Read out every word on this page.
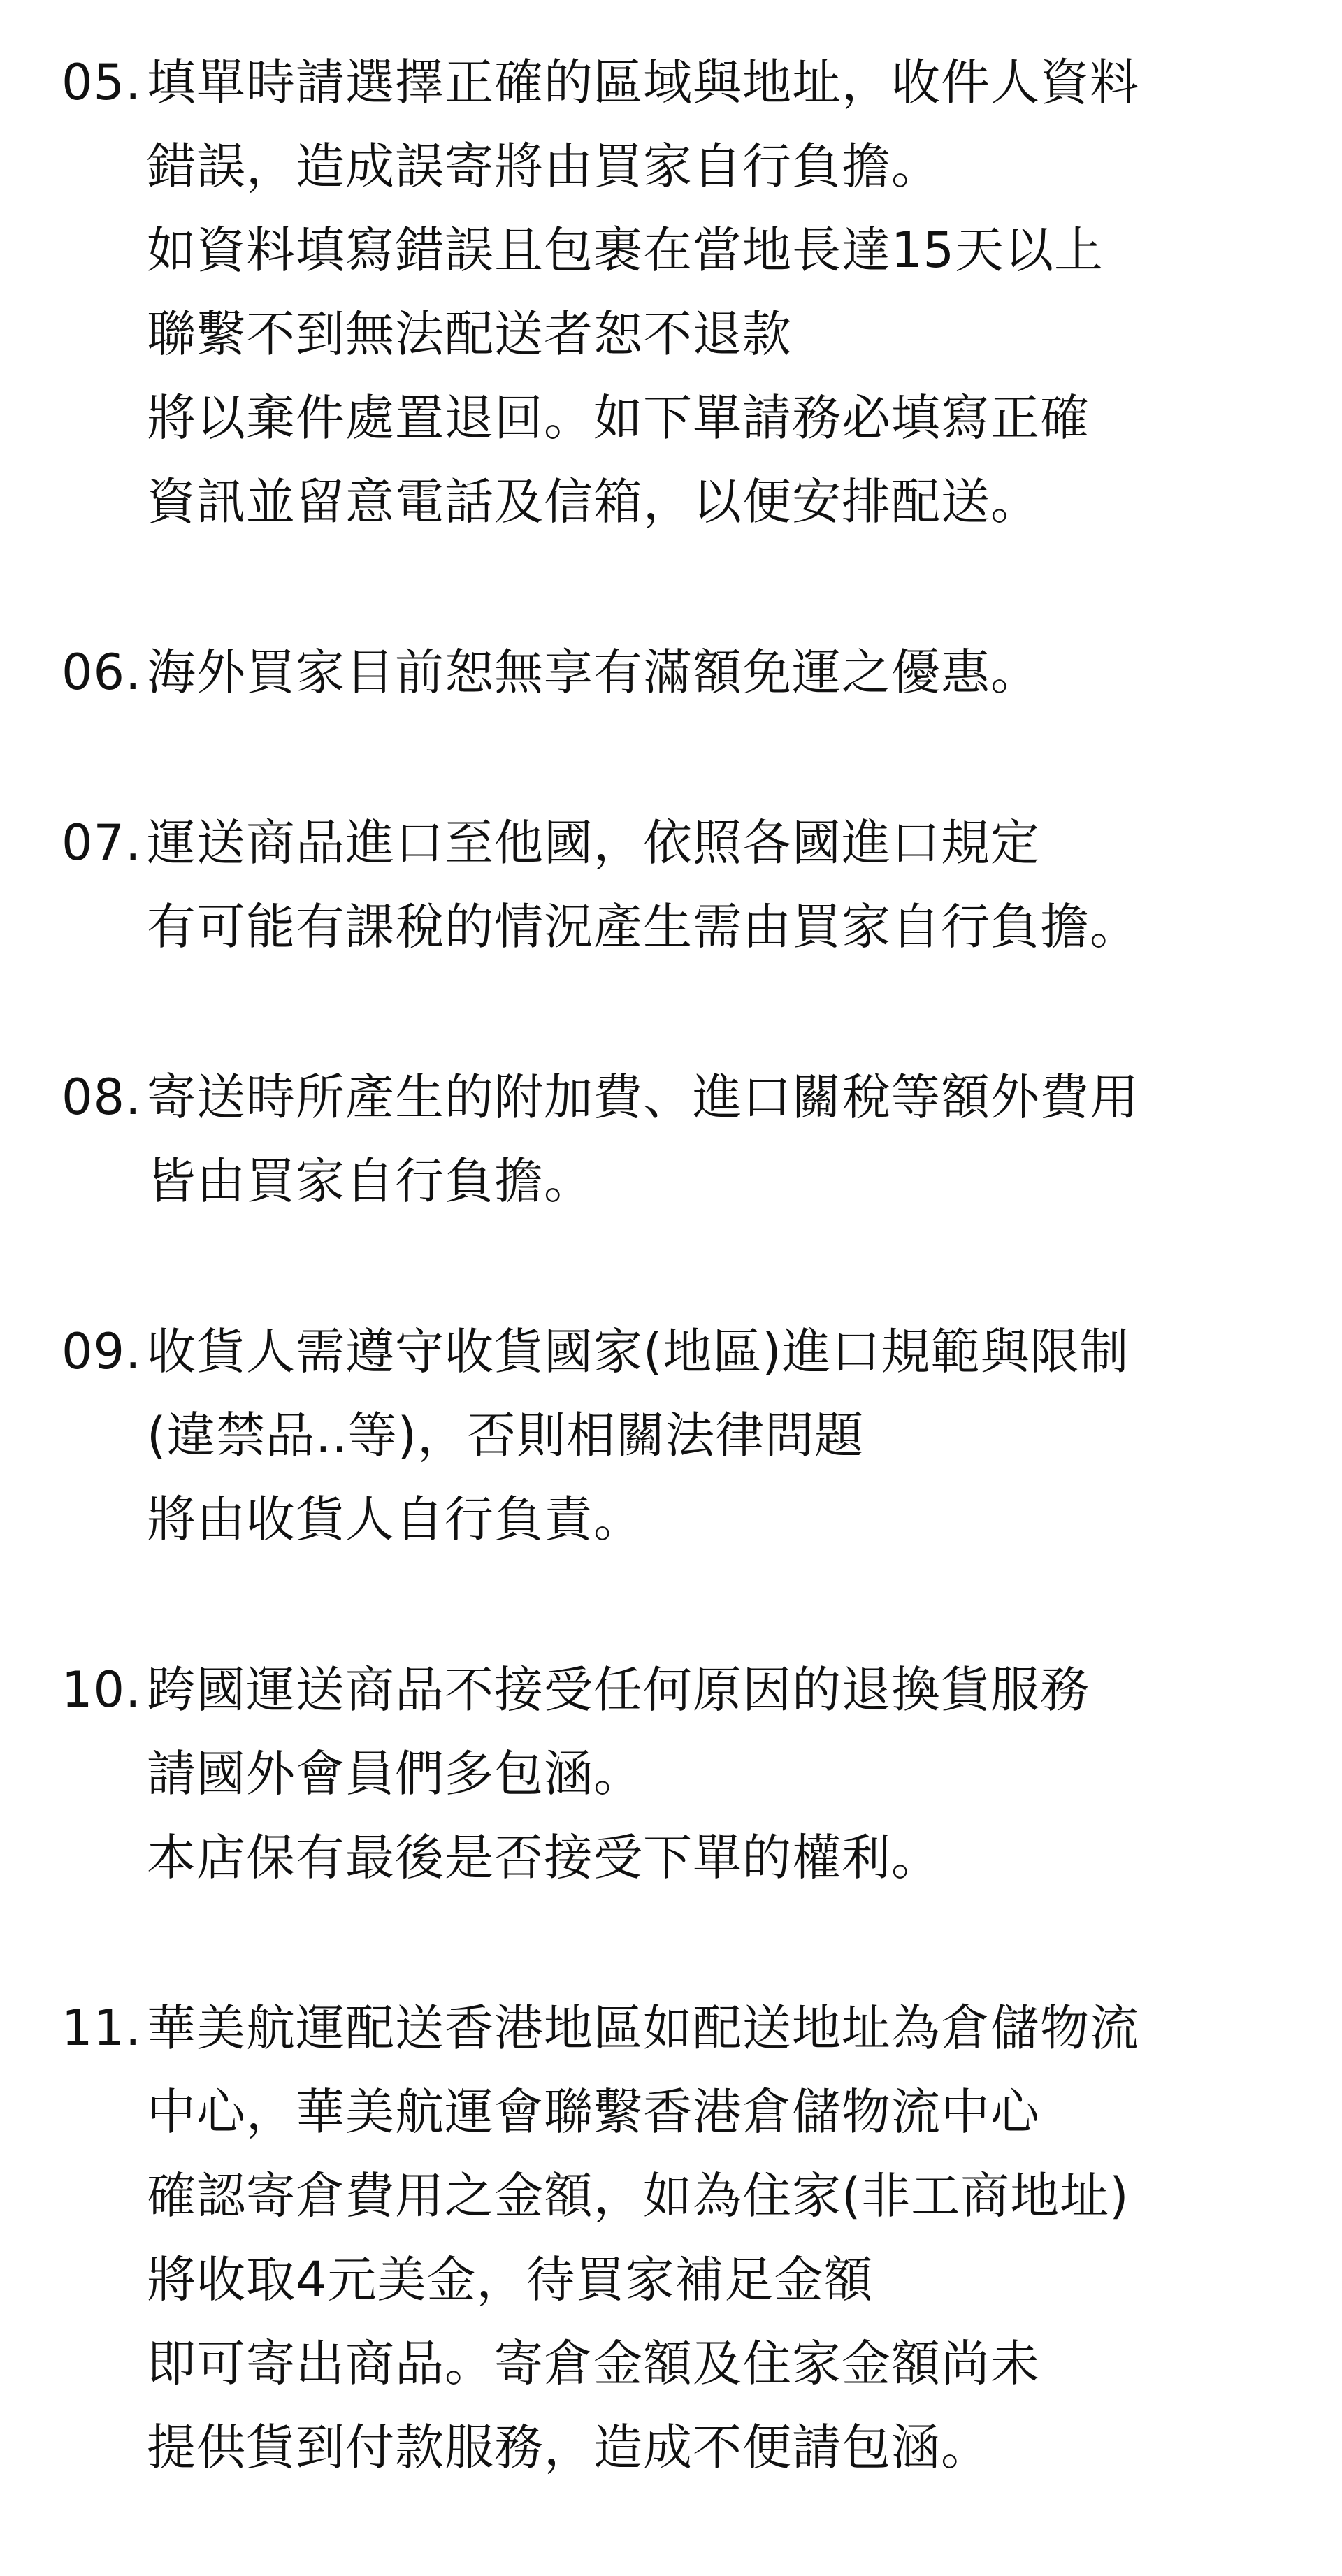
05. 填單時請選擇正確的區域與地址，收件人資料
錯誤，造成誤寄將由買家自行負擔。
如資料填寫錯誤且包裹在當地長達15天以上
聯繫不到無法配送者恕不退款
將以棄件處置退回。如下單請務必填寫正確
資訊並留意電話及信箱，以便安排配送。
06. 海外買家目前恕無享有滿額免運之優惠。
07. 運送商品進口至他國，依照各國進口規定
有可能有課稅的情況產生需由買家自行負擔。
08. 寄送時所產生的附加費、進口關稅等額外費用
皆由買家自行負擔。
09. 收貨人需遵守收貨國家(地區)進口規範與限制
(違禁品..等)，否則相關法律問題
將由收貨人自行負責。
10. 跨國運送商品不接受任何原因的退換貨服務
請國外會員們多包涵。
本店保有最後是否接受下單的權利。
11. 華美航運配送香港地區如配送地址為倉儲物流
中心，華美航運會聯繫香港倉儲物流中心
確認寄倉費用之金額，如為住家(非工商地址)
將收取4元美金，待買家補足金額
即可寄出商品。寄倉金額及住家金額尚未
提供貨到付款服務，造成不便請包涵。
